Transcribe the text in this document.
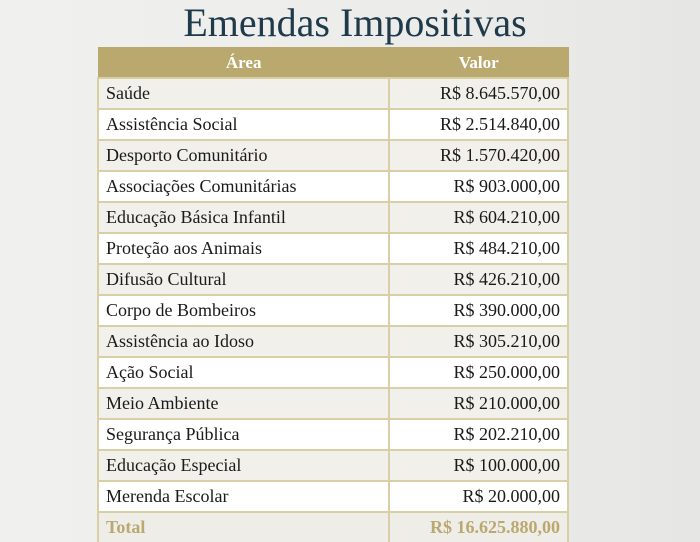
Emendas Impositivas
Área	Valor
Saúde	R$ 8.645.570,00
Assistência Social	R$ 2.514.840,00
Desporto Comunitário	R$ 1.570.420,00
Associações Comunitárias	R$ 903.000,00
Educação Básica Infantil	R$ 604.210,00
Proteção aos Animais	R$ 484.210,00
Difusão Cultural	R$ 426.210,00
Corpo de Bombeiros	R$ 390.000,00
Assistência ao Idoso	R$ 305.210,00
Ação Social	R$ 250.000,00
Meio Ambiente	R$ 210.000,00
Segurança Pública	R$ 202.210,00
Educação Especial	R$ 100.000,00
Merenda Escolar	R$ 20.000,00
Total	R$ 16.625.880,00
